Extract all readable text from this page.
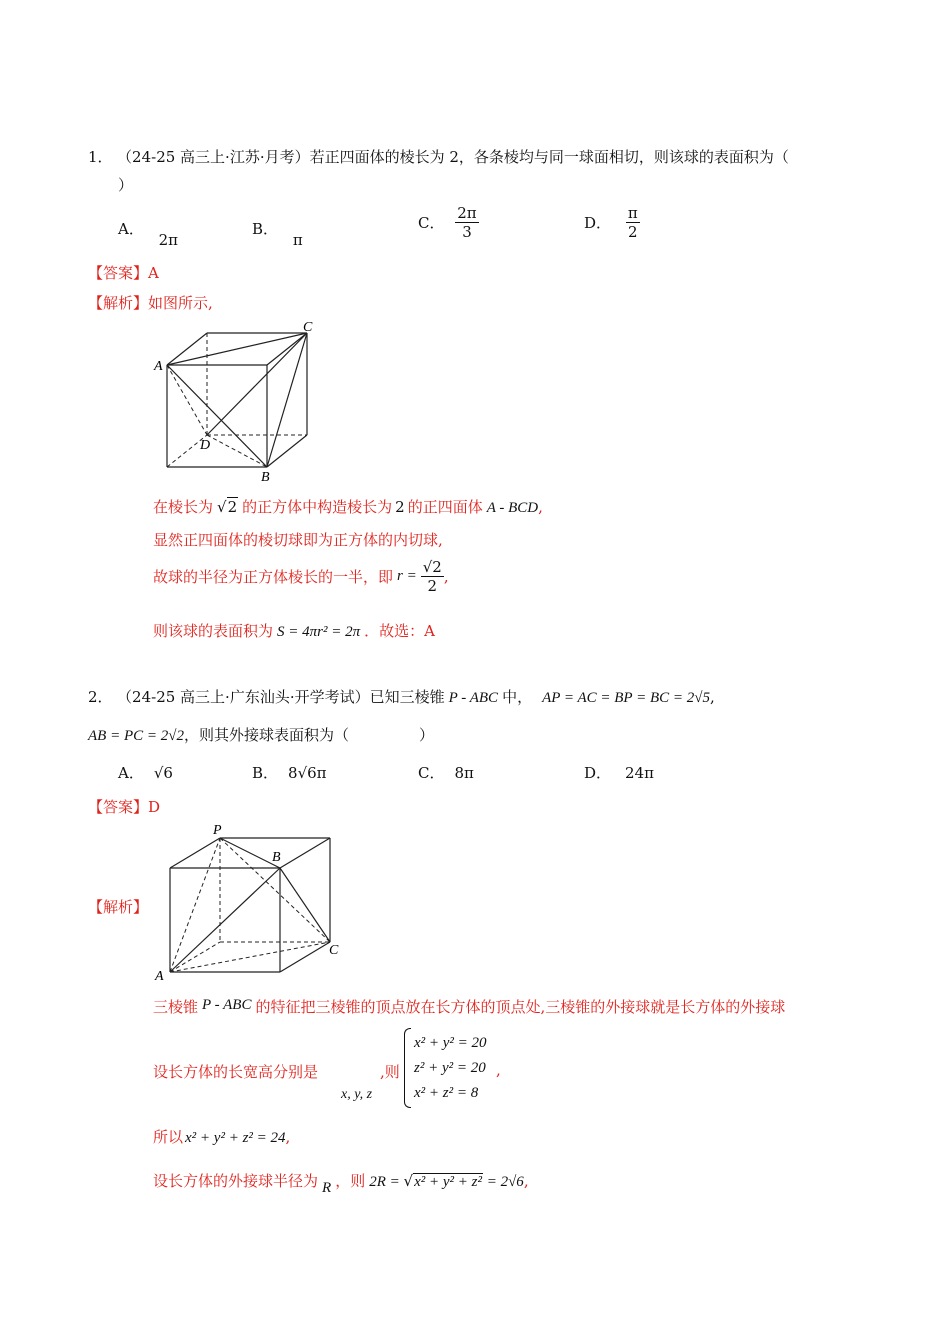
1． （24-25 高三上·江苏·月考）若正四面体的棱长为 2，各条棱均与同一球面相切，则该球的表面积为（
）
A． 2π
B． π
C． $\frac{2\pi}{3}$	D． $\frac{\pi}{2}$
【答案】A
【解析】如图所示,
A
C
D
B
在棱长为 √2 的正方体中构造棱长为 2 的正四面体 A - BCD,
显然正四面体的棱切球即为正方体的内切球,
故球的半径为正方体棱长的一半，即 $r = \frac{√2}{2}$ ,
则该球的表面积为 S = 4πr² = 2π ．故选：A
2． （24-25 高三上·广东汕头·开学考试）已知三棱锥 P - ABC 中， AP = AC = BP = BC = 2√5,
AB = PC = 2√2，则其外接球表面积为（	）
A． √6	B． 8√6π	C． 8π	D． 24π
【答案】D
【解析】
P
B
C
A
三棱锥 P - ABC 的特征把三棱锥的顶点放在长方体的顶点处,三棱锥的外接球就是长方体的外接球
设长方体的长宽高分别是
x, y, z
,则
x² + y² = 20
z² + y² = 20
x² + z² = 8
,
所以 x² + y² + z² = 24,
设长方体的外接球半径为 R ，则 2R = √x² + y² + z² = 2√6,
